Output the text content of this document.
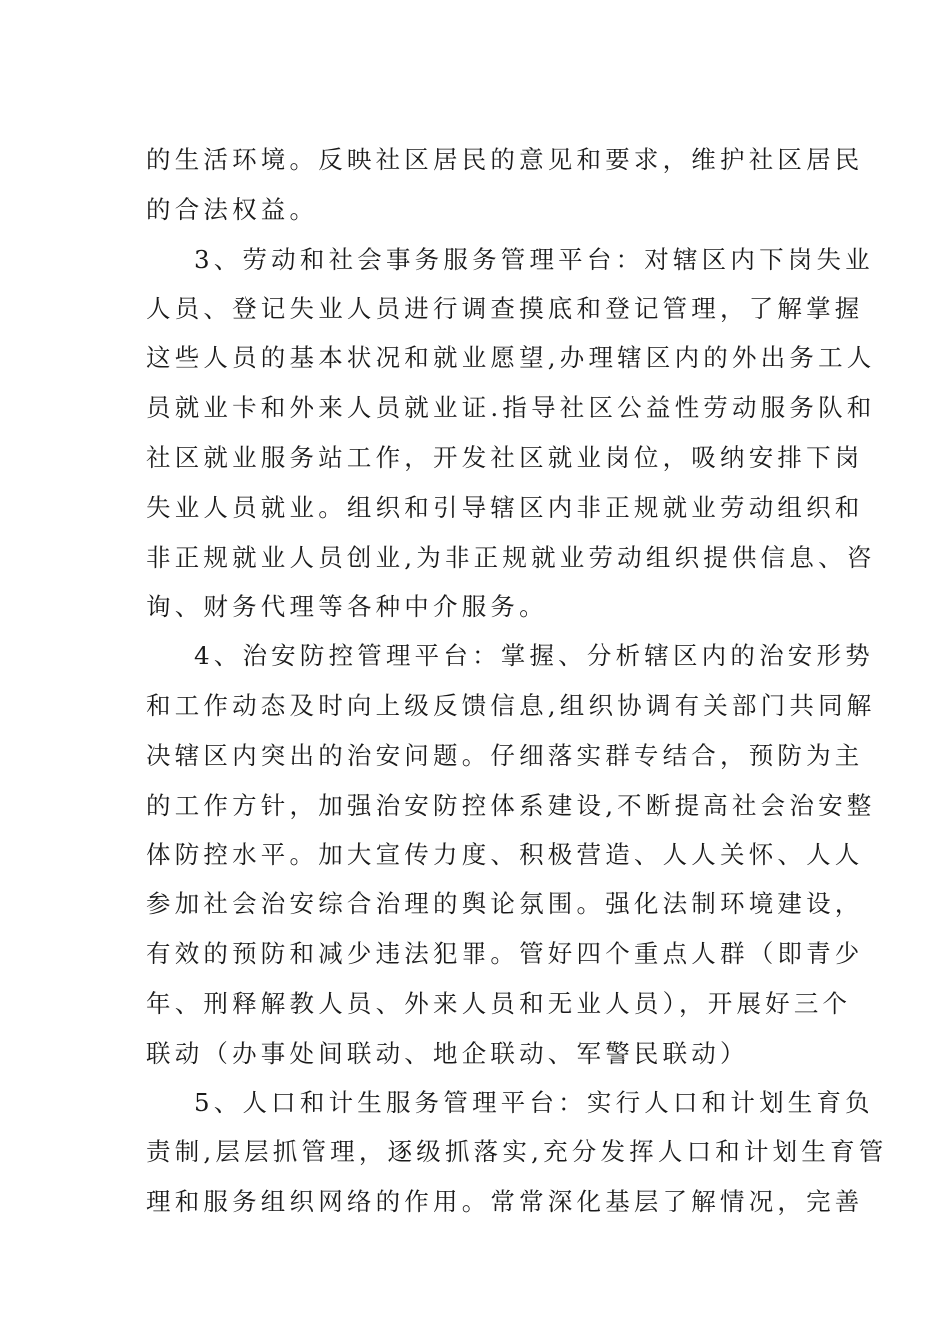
的生活环境。反映社区居民的意见和要求，维护社区居民
的合法权益。
3、劳动和社会事务服务管理平台：对辖区内下岗失业
人员、登记失业人员进行调查摸底和登记管理，了解掌握
这些人员的基本状况和就业愿望,办理辖区内的外出务工人
员就业卡和外来人员就业证.指导社区公益性劳动服务队和
社区就业服务站工作，开发社区就业岗位，吸纳安排下岗
失业人员就业。组织和引导辖区内非正规就业劳动组织和
非正规就业人员创业,为非正规就业劳动组织提供信息、咨
询、财务代理等各种中介服务。
4、治安防控管理平台：掌握、分析辖区内的治安形势
和工作动态及时向上级反馈信息,组织协调有关部门共同解
决辖区内突出的治安问题。仔细落实群专结合，预防为主
的工作方针，加强治安防控体系建设,不断提高社会治安整
体防控水平。加大宣传力度、积极营造、人人关怀、人人
参加社会治安综合治理的舆论氛围。强化法制环境建设，
有效的预防和减少违法犯罪。管好四个重点人群（即青少
年、刑释解教人员、外来人员和无业人员），开展好三个
联动（办事处间联动、地企联动、军警民联动）
5、人口和计生服务管理平台：实行人口和计划生育负
责制,层层抓管理，逐级抓落实,充分发挥人口和计划生育管
理和服务组织网络的作用。常常深化基层了解情况，完善
